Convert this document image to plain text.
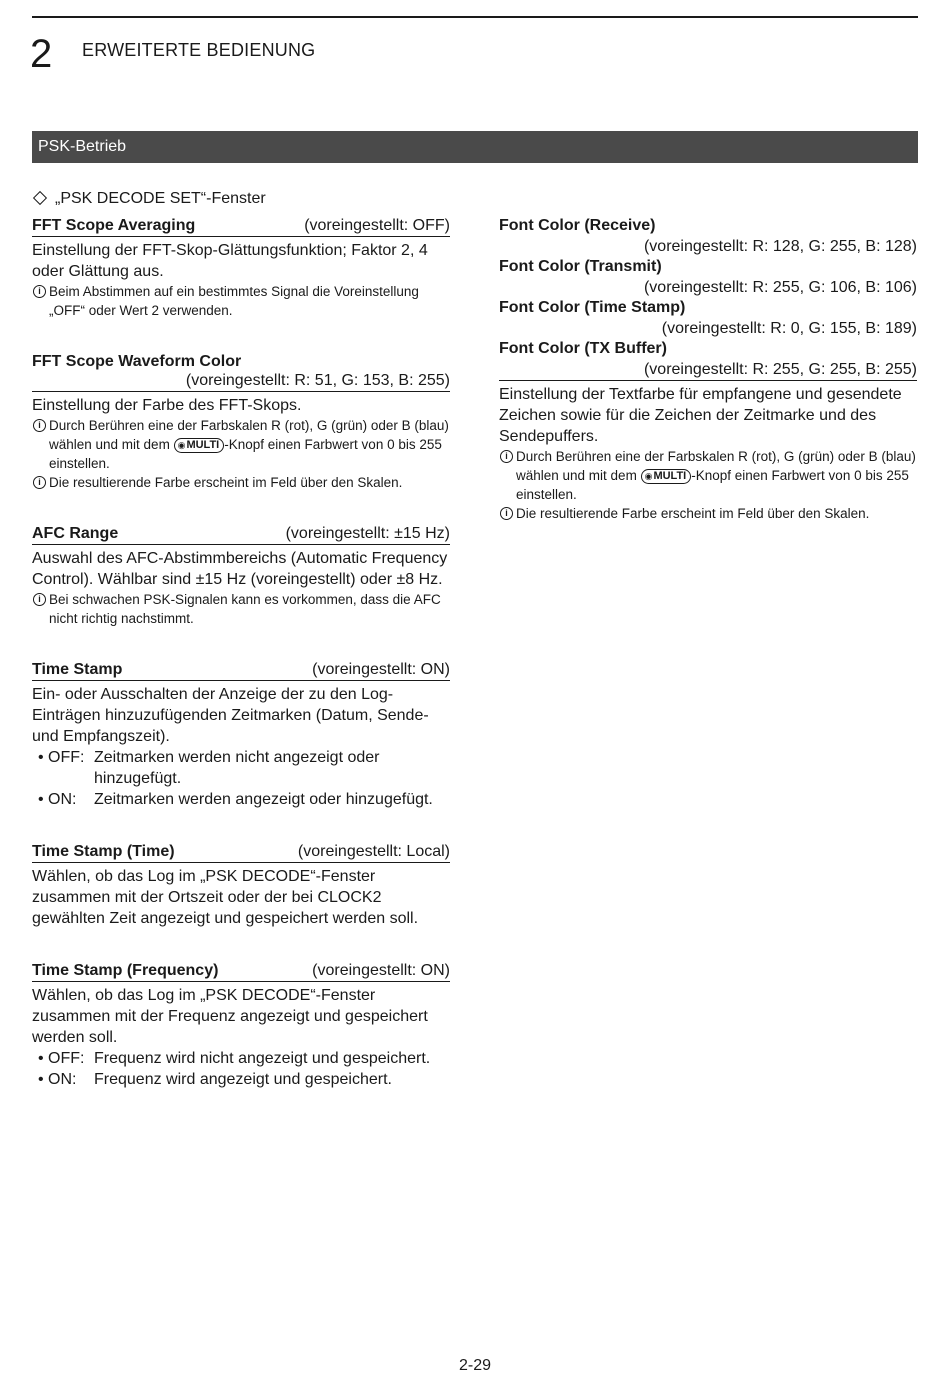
2 ERWEITERTE BEDIENUNG
PSK-Betrieb
„PSK DECODE SET“-Fenster
FFT Scope Averaging	(voreingestellt: OFF)

Einstellung der FFT-Skop-Glättungsfunktion; Faktor 2, 4 oder Glättung aus.

i Beim Abstimmen auf ein bestimmtes Signal die Voreinstellung „OFF“ oder Wert 2 verwenden.
FFT Scope Waveform Color
(voreingestellt: R: 51, G: 153, B: 255)

Einstellung der Farbe des FFT-Skops.

i Durch Berühren eine der Farbskalen R (rot), G (grün) oder B (blau) wählen und mit dem ◉MULTI -Knopf einen Farbwert von 0 bis 255 einstellen.
i Die resultierende Farbe erscheint im Feld über den Skalen.
AFC Range	(voreingestellt: ±15 Hz)

Auswahl des AFC-Abstimmbereichs (Automatic Frequency Control). Wählbar sind ±15 Hz (voreingestellt) oder ±8 Hz.

i Bei schwachen PSK-Signalen kann es vorkommen, dass die AFC nicht richtig nachstimmt.
Time Stamp	(voreingestellt: ON)

Ein- oder Ausschalten der Anzeige der zu den Log-Einträgen hinzuzufügenden Zeitmarken (Datum, Sende- und Empfangszeit).

• OFF: Zeitmarken werden nicht angezeigt oder hinzugefügt.
• ON: Zeitmarken werden angezeigt oder hinzugefügt.
Time Stamp (Time)	(voreingestellt: Local)

Wählen, ob das Log im „PSK DECODE“-Fenster zusammen mit der Ortszeit oder der bei CLOCK2 gewählten Zeit angezeigt und gespeichert werden soll.

Time Stamp (Frequency)	(voreingestellt: ON)

Wählen, ob das Log im „PSK DECODE“-Fenster zusammen mit der Frequenz angezeigt und gespeichert werden soll.

• OFF: Frequenz wird nicht angezeigt und gespeichert.
• ON: Frequenz wird angezeigt und gespeichert.
Font Color (Receive)
(voreingestellt: R: 128, G: 255, B: 128)
Font Color (Transmit)
(voreingestellt: R: 255, G: 106, B: 106)
Font Color (Time Stamp)
(voreingestellt: R: 0, G: 155, B: 189)
Font Color (TX Buffer)
(voreingestellt: R: 255, G: 255, B: 255)

Einstellung der Textfarbe für empfangene und gesendete Zeichen sowie für die Zeichen der Zeitmarke und des Sendepuffers.

i Durch Berühren eine der Farbskalen R (rot), G (grün) oder B (blau) wählen und mit dem ◉MULTI -Knopf einen Farbwert von 0 bis 255 einstellen.
i Die resultierende Farbe erscheint im Feld über den Skalen.
2-29
